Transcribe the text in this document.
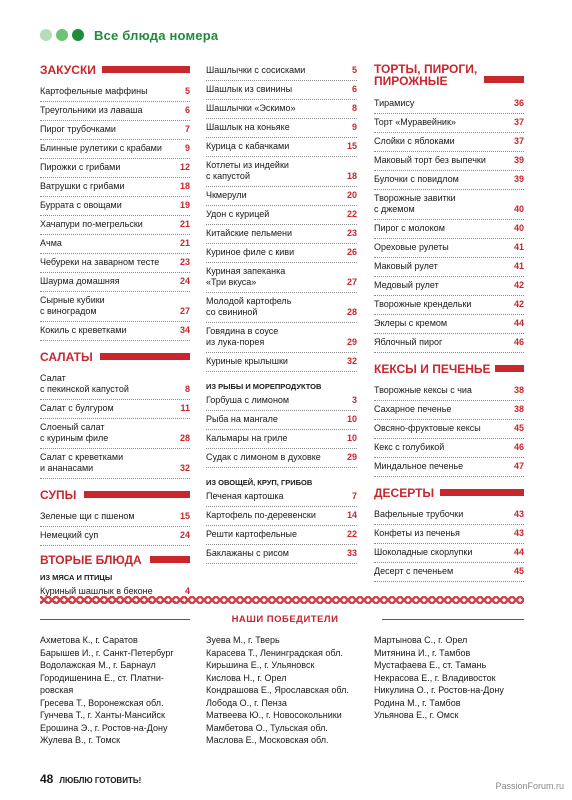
Все блюда номера
ЗАКУСКИ
Картофельные маффины	5
Треугольники из лаваша	6
Пирог трубочками	7
Блинные рулетики с крабами	9
Пирожки с грибами	12
Ватрушки с грибами	18
Буррата с овощами	19
Хачапури по-мегрельски	21
Ачма	21
Чебуреки на заварном тесте	23
Шаурма домашняя	24
Сырные кубики
с виноградом	27
Кокиль с креветками	34
САЛАТЫ
Салат
с пекинской капустой	8
Салат с булгуром	11
Слоеный салат
с куриным филе	28
Салат с креветками
и ананасами	32
СУПЫ
Зеленые щи с пшеном	15
Немецкий суп	24
ВТОРЫЕ БЛЮДА
ИЗ МЯСА И ПТИЦЫ
Куриный шашлык в беконе	4
Шашлычки с сосисками	5
Шашлык из свинины	6
Шашлычки «Эскимо»	8
Шашлык на коньяке	9
Курица с кабачками	15
Котлеты из индейки
с капустой	18
Чкмерули	20
Удон с курицей	22
Китайские пельмени	23
Куриное филе с киви	26
Куриная запеканка
«Три вкуса»	27
Молодой картофель
со свининой	28
Говядина в соусе
из лука-порея	29
Куриные крылышки	32
ИЗ РЫБЫ И МОРЕПРОДУКТОВ
Горбуша с лимоном	3
Рыба на мангале	10
Кальмары на гриле	10
Судак с лимоном в духовке	29
ИЗ ОВОЩЕЙ, КРУП, ГРИБОВ
Печеная картошка	7
Картофель по-деревенски	14
Решти картофельные	22
Баклажаны с рисом	33
ТОРТЫ, ПИРОГИ, ПИРОЖНЫЕ
Тирамису	36
Торт «Муравейник»	37
Слойки с яблоками	37
Маковый торт без выпечки	39
Булочки с повидлом	39
Творожные завитки
с джемом	40
Пирог с молоком	40
Ореховые рулеты	41
Маковый рулет	41
Медовый рулет	42
Творожные крендельки	42
Эклеры с кремом	44
Яблочный пирог	46
КЕКСЫ И ПЕЧЕНЬЕ
Творожные кексы с чиа	38
Сахарное печенье	38
Овсяно-фруктовые кексы	45
Кекс с голубикой	46
Миндальное печенье	47
ДЕСЕРТЫ
Вафельные трубочки	43
Конфеты из печенья	43
Шоколадные скорлупки	44
Десерт с печеньем	45
НАШИ ПОБЕДИТЕЛИ
Ахметова К., г. Саратов
Барышев И., г. Санкт-Петербург
Водолажская М., г. Барнаул
Городишенина Е., ст. Платни-
ровская
Гресева Т., Воронежская обл.
Гунчева Т., г. Ханты-Мансийск
Ерошина Э., г. Ростов-на-Дону
Жулева В., г. Томск
Зуева М., г. Тверь
Карасева Т., Ленинградская обл.
Кирьшина Е., г. Ульяновск
Кислова Н., г. Орел
Кондрашова Е., Ярославская обл.
Лобода О., г. Пенза
Матвеева Ю., г. Новосокольники
Мамбетова О., Тульская обл.
Маслова Е., Московская обл.
Мартынова С., г. Орел
Митянина И., г. Тамбов
Мустафаева Е., ст. Тамань
Некрасова Е., г. Владивосток
Никулина О., г. Ростов-на-Дону
Родина М., г. Тамбов
Ульянова Е., г. Омск
48 ЛЮБЛЮ ГОТОВИТЬ!
PassionForum.ru
